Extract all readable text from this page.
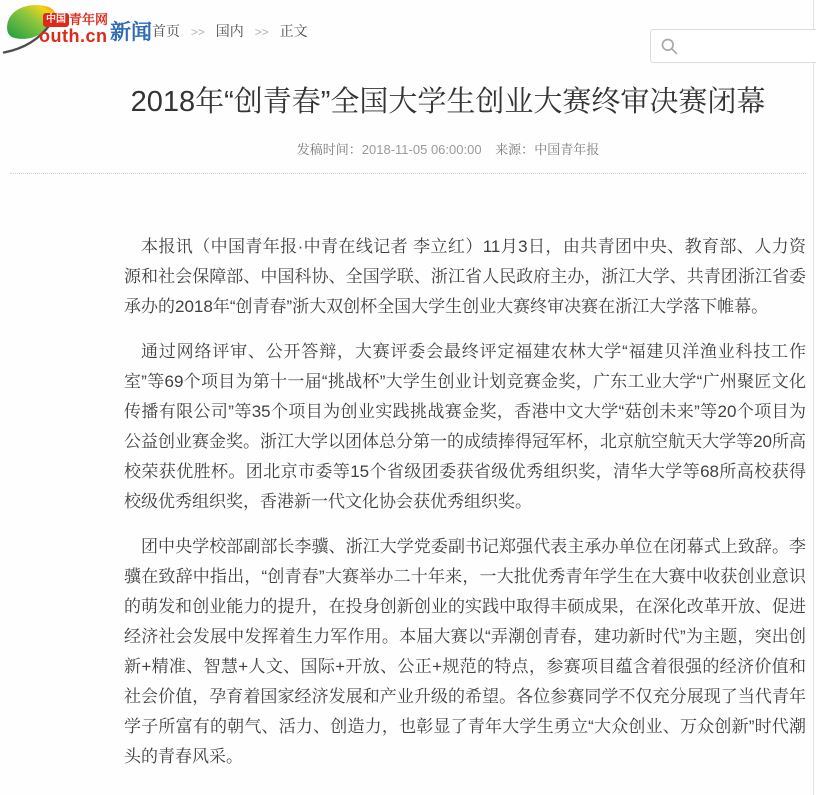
中国 青年网
outh.cn 新闻 首页 >> 国内 >> 正文
2018年“创青春”全国大学生创业大赛终审决赛闭幕
发稿时间：2018-11-05 06:00:00 来源：中国青年报

本报讯（中国青年报·中青在线记者 李立红）11月3日，由共青团中央、教育部、人力资源和社会保障部、中国科协、全国学联、浙江省人民政府主办，浙江大学、共青团浙江省委承办的2018年“创青春”浙大双创杯全国大学生创业大赛终审决赛在浙江大学落下帷幕。

通过网络评审、公开答辩，大赛评委会最终评定福建农林大学“福建贝洋渔业科技工作室”等69个项目为第十一届“挑战杯”大学生创业计划竞赛金奖，广东工业大学“广州聚匠文化传播有限公司”等35个项目为创业实践挑战赛金奖，香港中文大学“菇创未来”等20个项目为公益创业赛金奖。浙江大学以团体总分第一的成绩捧得冠军杯，北京航空航天大学等20所高校荣获优胜杯。团北京市委等15个省级团委获省级优秀组织奖，清华大学等68所高校获得校级优秀组织奖，香港新一代文化协会获优秀组织奖。

团中央学校部副部长李骥、浙江大学党委副书记郑强代表主承办单位在闭幕式上致辞。李骥在致辞中指出，“创青春”大赛举办二十年来，一大批优秀青年学生在大赛中收获创业意识的萌发和创业能力的提升，在投身创新创业的实践中取得丰硕成果，在深化改革开放、促进经济社会发展中发挥着生力军作用。本届大赛以“弄潮创青春，建功新时代”为主题，突出创新+精准、智慧+人文、国际+开放、公正+规范的特点，参赛项目蕴含着很强的经济价值和社会价值，孕育着国家经济发展和产业升级的希望。各位参赛同学不仅充分展现了当代青年学子所富有的朝气、活力、创造力，也彰显了青年大学生勇立“大众创业、万众创新”时代潮头的青春风采。
